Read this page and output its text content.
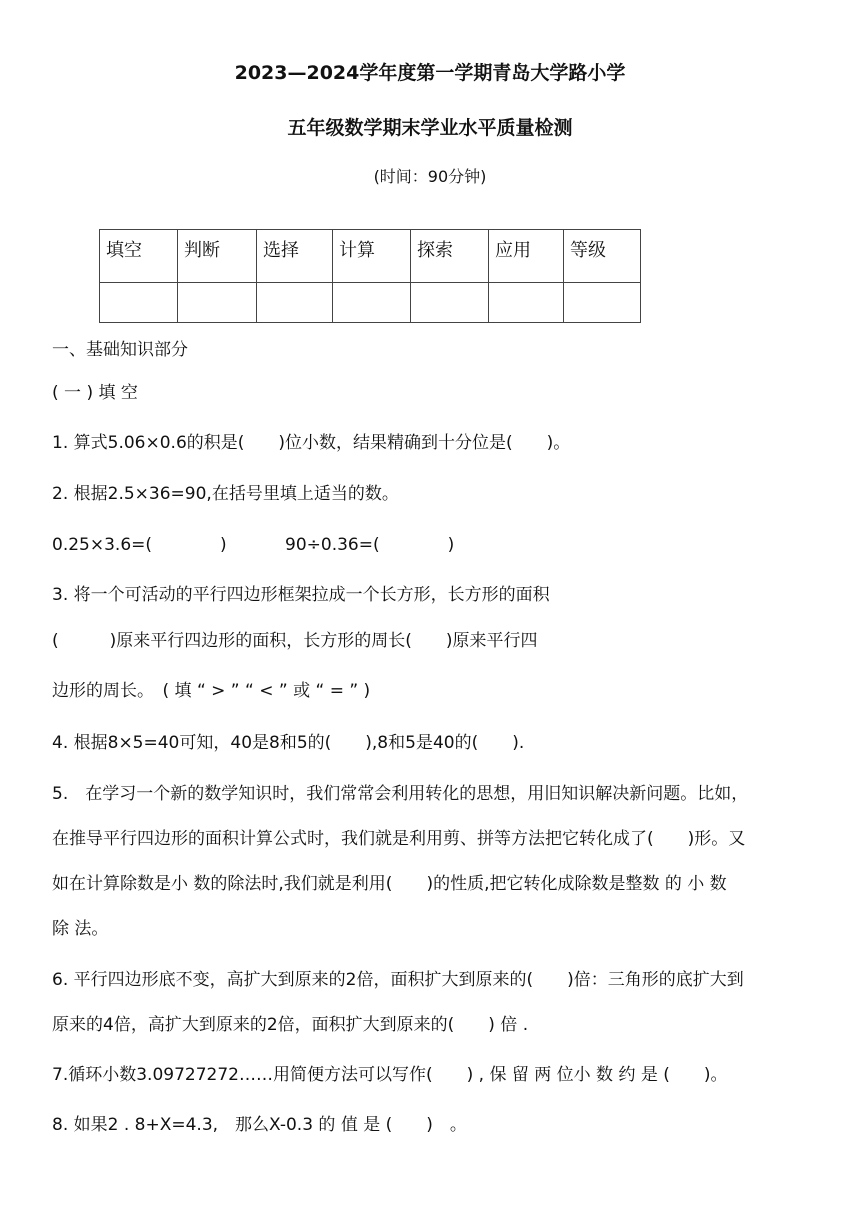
2023—2024学年度第一学期青岛大学路小学
五年级数学期末学业水平质量检测
(时间：90分钟)
填空	判断	选择	计算	探索	应用	等级

一、基础知识部分
( 一 ) 填 空
1. 算式5.06×0.6的积是(　　)位小数，结果精确到十分位是(　　)。
2. 根据2.5×36=90,在括号里填上适当的数。
0.25×3.6=(　　　　)	90÷0.36=(　　　　)
3. 将一个可活动的平行四边形框架拉成一个长方形，长方形的面积
(　　　)原来平行四边形的面积，长方形的周长(　　)原来平行四
边形的周长。　( 填 “ > ” “ < ” 或 “ = ” )
4. 根据8×5=40可知，40是8和5的(　　),8和5是40的(　　).
5.　在学习一个新的数学知识时，我们常常会利用转化的思想，用旧知识解决新问题。比如，
在推导平行四边形的面积计算公式时，我们就是利用剪、拼等方法把它转化成了(　　)形。又
如在计算除数是小 数的除法时,我们就是利用(　　)的性质,把它转化成除数是整数 的 小 数
除 法。
6. 平行四边形底不变，高扩大到原来的2倍，面积扩大到原来的(　　)倍：三角形的底扩大到
原来的4倍，高扩大到原来的2倍，面积扩大到原来的(　　) 倍 .
7.循环小数3.09727272……用简便方法可以写作(　　) , 保 留 两 位小 数 约 是 (　　)。
8. 如果2 . 8+X=4.3,　那么X-0.3 的 值 是 (　　)　。
